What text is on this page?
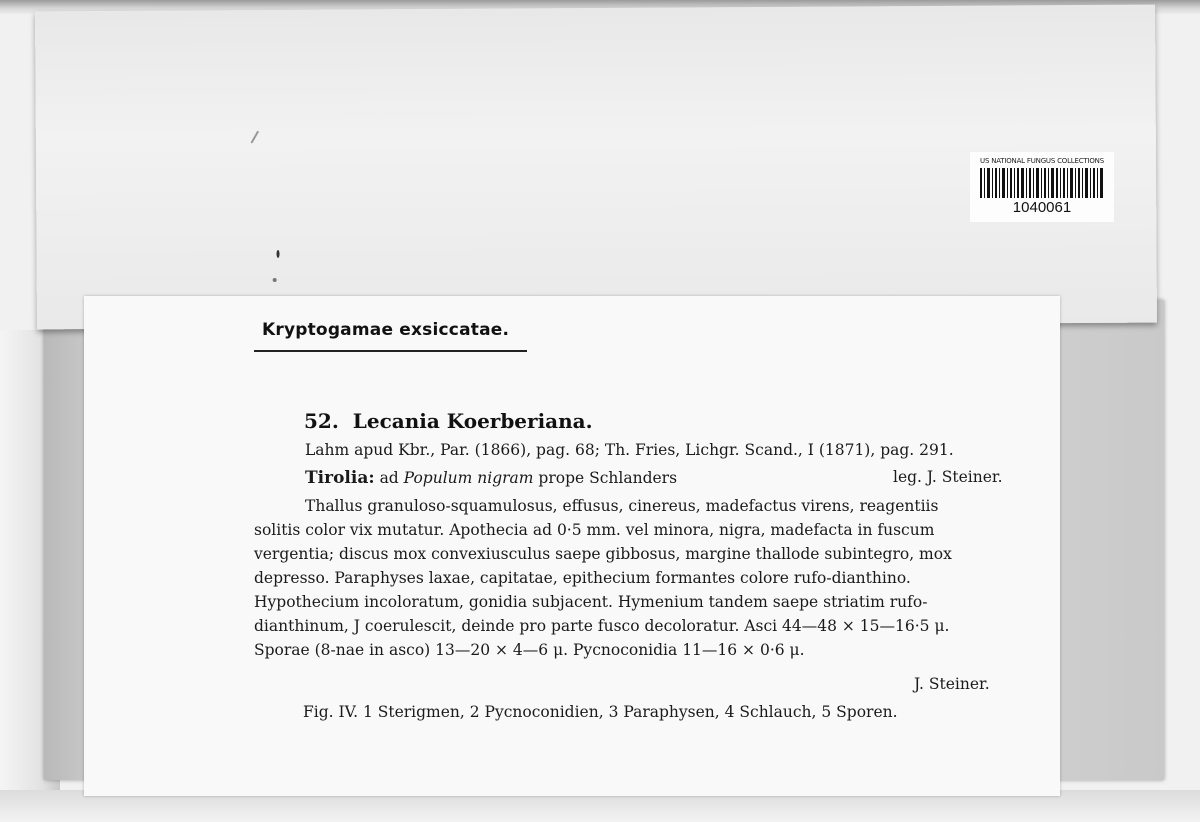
US NATIONAL FUNGUS COLLECTIONS
1040061
Kryptogamae exsiccatae.
52. Lecania Koerberiana.
Lahm apud Kbr., Par. (1866), pag. 68; Th. Fries, Lichgr. Scand., I (1871), pag. 291.
Tirolia: ad Populum nigram prope Schlanders	leg. J. Steiner.
Thallus granuloso-squamulosus, effusus, cinereus, madefactus virens, reagentiis
solitis color vix mutatur. Apothecia ad 0·5 mm. vel minora, nigra, madefacta in fuscum
vergentia; discus mox convexiusculus saepe gibbosus, margine thallode subintegro, mox
depresso. Paraphyses laxae, capitatae, epithecium formantes colore rufo-dianthino.
Hypothecium incoloratum, gonidia subjacent. Hymenium tandem saepe striatim rufo-
dianthinum, J coerulescit, deinde pro parte fusco decoloratur. Asci 44—48 × 15—16·5 μ.
Sporae (8-nae in asco) 13—20 × 4—6 μ. Pycnoconidia 11—16 × 0·6 μ.
J. Steiner.
Fig. IV. 1 Sterigmen, 2 Pycnoconidien, 3 Paraphysen, 4 Schlauch, 5 Sporen.
